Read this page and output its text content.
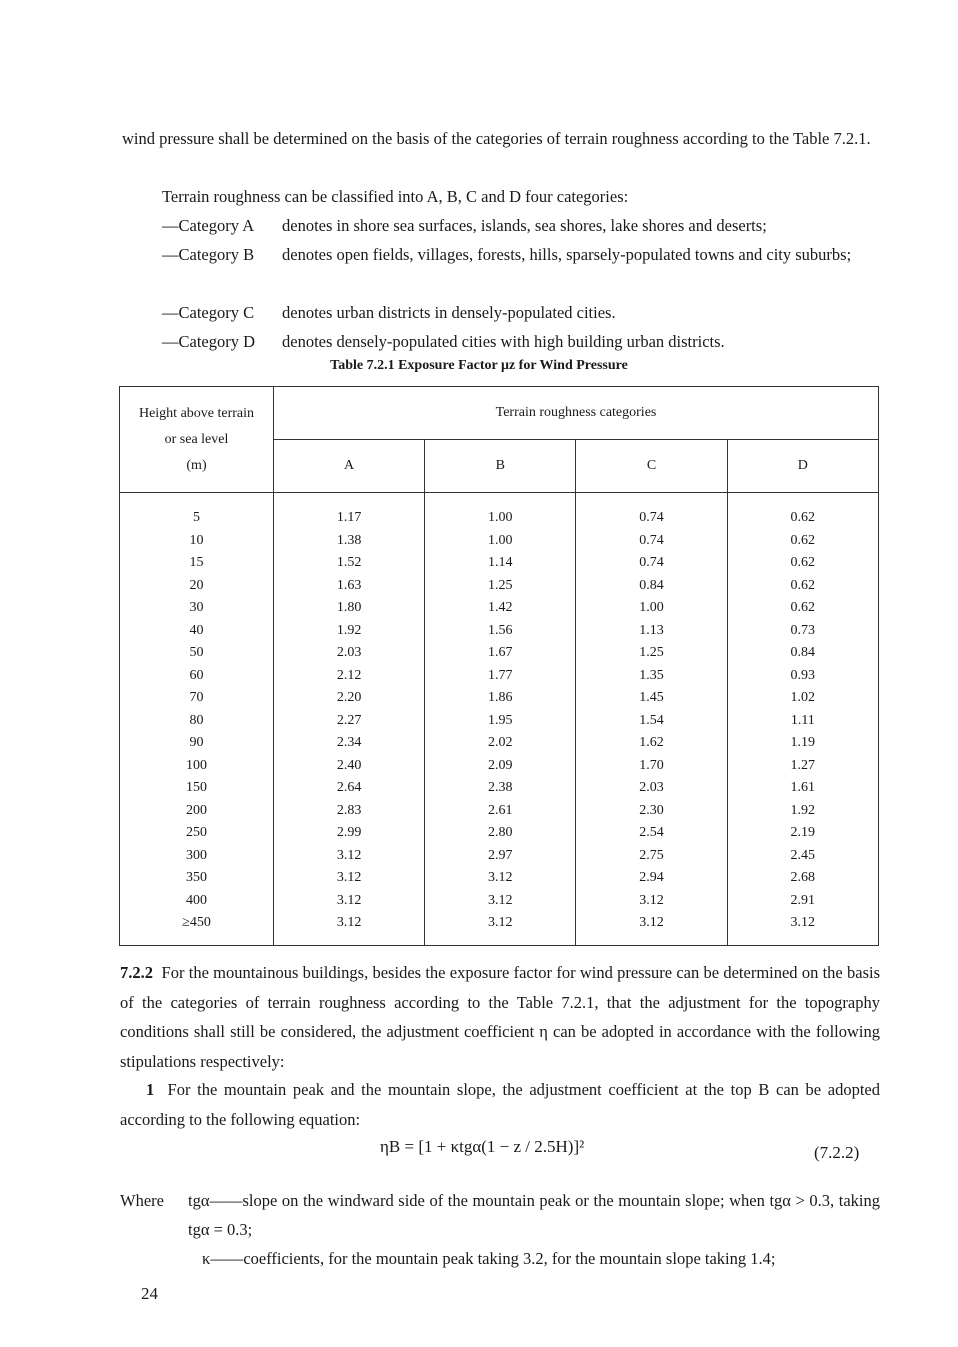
wind pressure shall be determined on the basis of the categories of terrain roughness according to the Table 7.2.1.
Terrain roughness can be classified into A, B, C and D four categories:
—Category A denotes in shore sea surfaces, islands, sea shores, lake shores and deserts;
—Category B denotes open fields, villages, forests, hills, sparsely-populated towns and city suburbs;
—Category C denotes urban districts in densely-populated cities.
—Category D denotes densely-populated cities with high building urban districts.
Table 7.2.1 Exposure Factor μz for Wind Pressure
Height above terrain
or sea level
(m)	Terrain roughness categories			
	A	B	C	D
5	1.17	1.00	0.74	0.62
10	1.38	1.00	0.74	0.62
15	1.52	1.14	0.74	0.62
20	1.63	1.25	0.84	0.62
30	1.80	1.42	1.00	0.62
40	1.92	1.56	1.13	0.73
50	2.03	1.67	1.25	0.84
60	2.12	1.77	1.35	0.93
70	2.20	1.86	1.45	1.02
80	2.27	1.95	1.54	1.11
90	2.34	2.02	1.62	1.19
100	2.40	2.09	1.70	1.27
150	2.64	2.38	2.03	1.61
200	2.83	2.61	2.30	1.92
250	2.99	2.80	2.54	2.19
300	3.12	2.97	2.75	2.45
350	3.12	3.12	2.94	2.68
400	3.12	3.12	3.12	2.91
≥450	3.12	3.12	3.12	3.12
7.2.2 For the mountainous buildings, besides the exposure factor for wind pressure can be determined on the basis of the categories of terrain roughness according to the Table 7.2.1, that the adjustment for the topography conditions shall still be considered, the adjustment coefficient η can be adopted in accordance with the following stipulations respectively:
1 For the mountain peak and the mountain slope, the adjustment coefficient at the top B can be adopted according to the following equation:
ηB = [1 + κtgα(1 − z / 2.5H)]²	(7.2.2)
Where tgα——slope on the windward side of the mountain peak or the mountain slope; when tgα > 0.3, taking tgα = 0.3;
κ——coefficients, for the mountain peak taking 3.2, for the mountain slope taking 1.4;
24
